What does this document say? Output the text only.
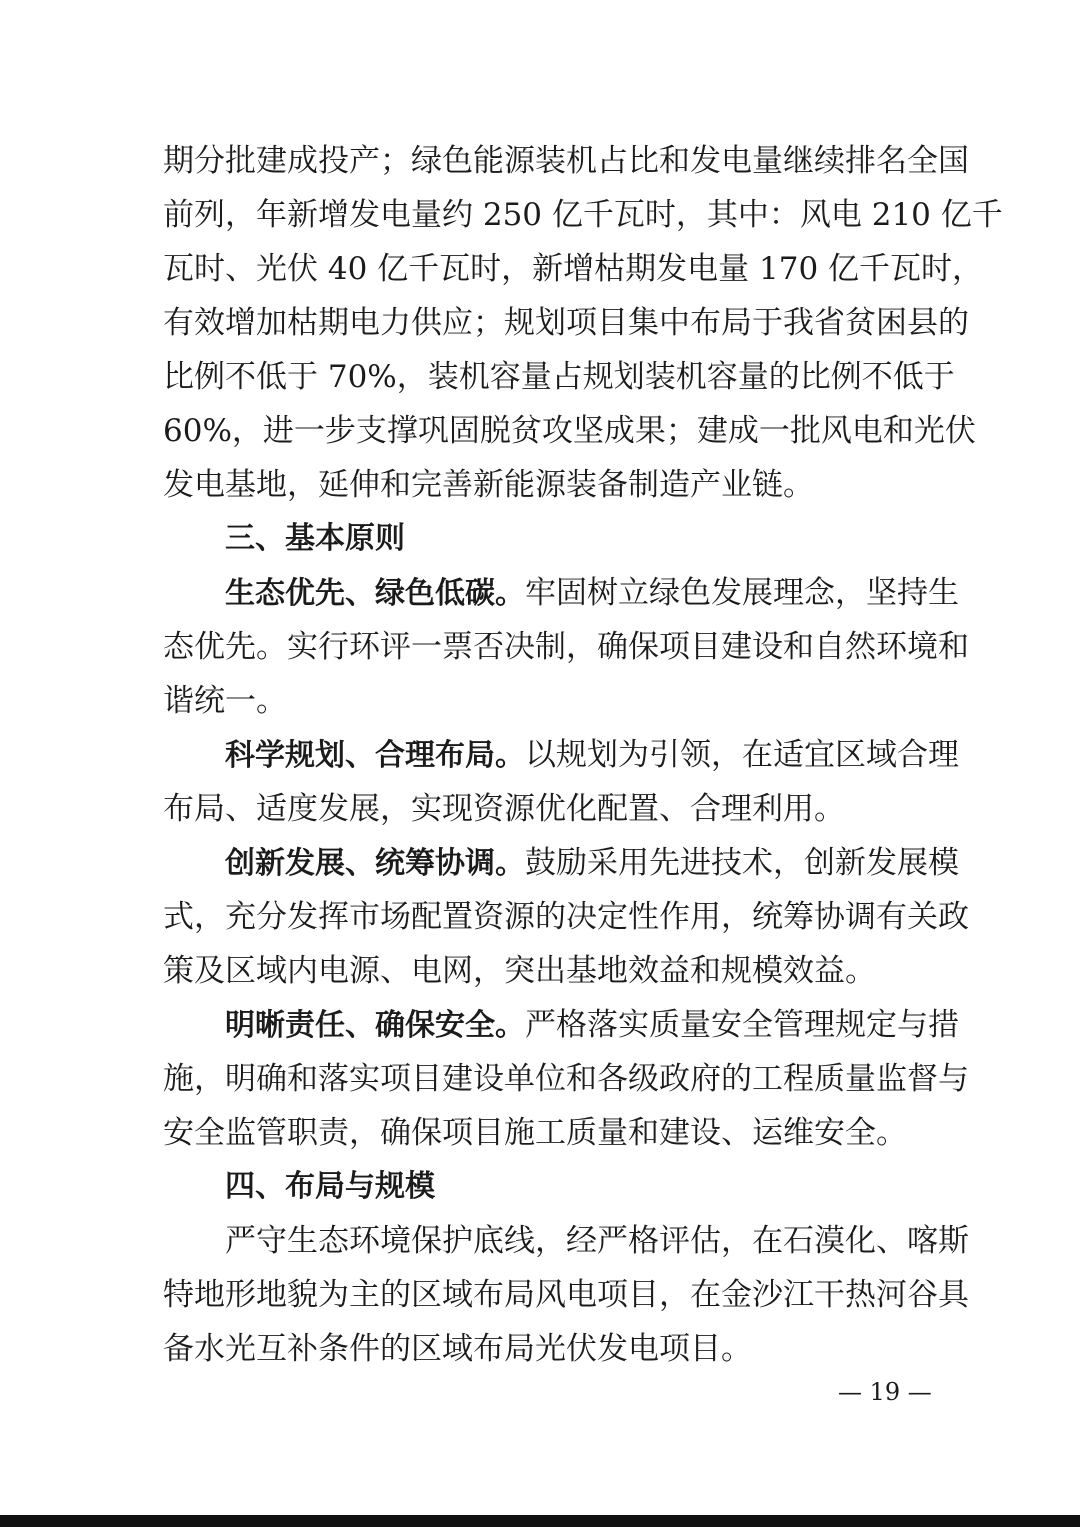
期分批建成投产；绿色能源装机占比和发电量继续排名全国
前列，年新增发电量约 250 亿千瓦时，其中：风电 210 亿千
瓦时、光伏 40 亿千瓦时，新增枯期发电量 170 亿千瓦时，
有效增加枯期电力供应；规划项目集中布局于我省贫困县的
比例不低于 70%，装机容量占规划装机容量的比例不低于
60%，进一步支撑巩固脱贫攻坚成果；建成一批风电和光伏
发电基地，延伸和完善新能源装备制造产业链。
三、基本原则
生态优先、绿色低碳。牢固树立绿色发展理念，坚持生
态优先。实行环评一票否决制，确保项目建设和自然环境和
谐统一。
科学规划、合理布局。以规划为引领，在适宜区域合理
布局、适度发展，实现资源优化配置、合理利用。
创新发展、统筹协调。鼓励采用先进技术，创新发展模
式，充分发挥市场配置资源的决定性作用，统筹协调有关政
策及区域内电源、电网，突出基地效益和规模效益。
明晰责任、确保安全。严格落实质量安全管理规定与措
施，明确和落实项目建设单位和各级政府的工程质量监督与
安全监管职责，确保项目施工质量和建设、运维安全。
四、布局与规模
严守生态环境保护底线，经严格评估，在石漠化、喀斯
特地形地貌为主的区域布局风电项目，在金沙江干热河谷具
备水光互补条件的区域布局光伏发电项目。
— 19 —
